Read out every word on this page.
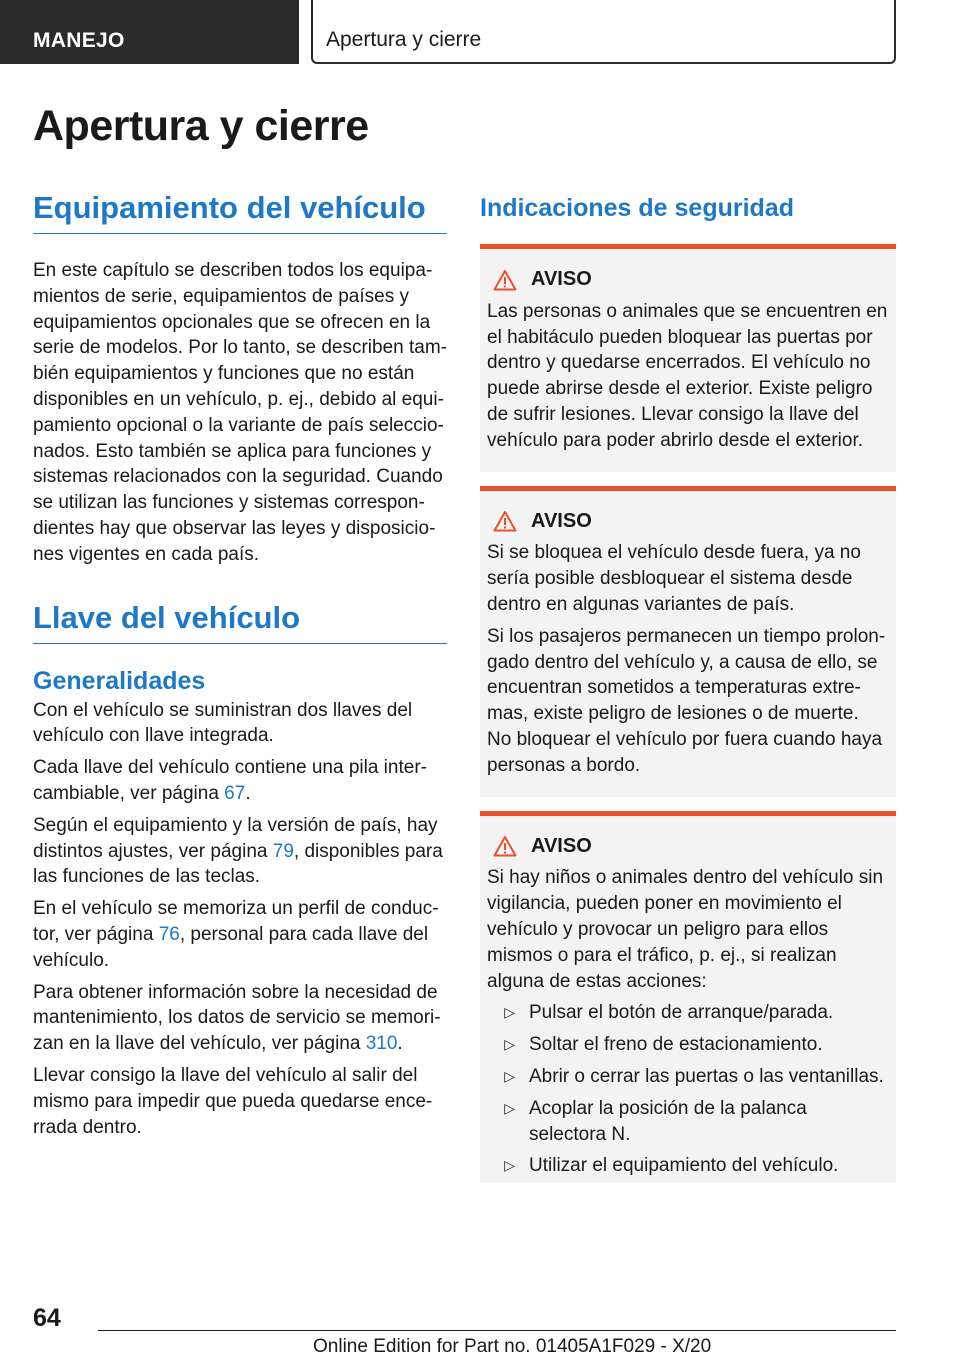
MANEJO	Apertura y cierre
Apertura y cierre
Equipamiento del vehículo

En este capítulo se describen todos los equipamientos de serie, equipamientos de países y equipamientos opcionales que se ofrecen en la serie de modelos. Por lo tanto, se describen también equipamientos y funciones que no están disponibles en un vehículo, p. ej., debido al equipamiento opcional o la variante de país seleccionados. Esto también se aplica para funciones y sistemas relacionados con la seguridad. Cuando se utilizan las funciones y sistemas correspondientes hay que observar las leyes y disposiciones vigentes en cada país.

Llave del vehículo
Generalidades

Con el vehículo se suministran dos llaves del vehículo con llave integrada.

Cada llave del vehículo contiene una pila intercambiable, ver página 67.

Según el equipamiento y la versión de país, hay distintos ajustes, ver página 79, disponibles para las funciones de las teclas.

En el vehículo se memoriza un perfil de conductor, ver página 76, personal para cada llave del vehículo.

Para obtener información sobre la necesidad de mantenimiento, los datos de servicio se memorizan en la llave del vehículo, ver página 310.

Llevar consigo la llave del vehículo al salir del mismo para impedir que pueda quedarse encerrada dentro.

Indicaciones de seguridad
AVISO

Las personas o animales que se encuentren en el habitáculo pueden bloquear las puertas por dentro y quedarse encerrados. El vehículo no puede abrirse desde el exterior. Existe peligro de sufrir lesiones. Llevar consigo la llave del vehículo para poder abrirlo desde el exterior.

AVISO

Si se bloquea el vehículo desde fuera, ya no sería posible desbloquear el sistema desde dentro en algunas variantes de país.

Si los pasajeros permanecen un tiempo prolongado dentro del vehículo y, a causa de ello, se encuentran sometidos a temperaturas extremas, existe peligro de lesiones o de muerte. No bloquear el vehículo por fuera cuando haya personas a bordo.

AVISO

Si hay niños o animales dentro del vehículo sin vigilancia, pueden poner en movimiento el vehículo y provocar un peligro para ellos mismos o para el tráfico, p. ej., si realizan alguna de estas acciones:

▷ Pulsar el botón de arranque/parada.
▷ Soltar el freno de estacionamiento.
▷ Abrir o cerrar las puertas o las ventanillas.
▷ Acoplar la posición de la palanca selectora N.
▷ Utilizar el equipamiento del vehículo.
64
Online Edition for Part no. 01405A1F029 - X/20
